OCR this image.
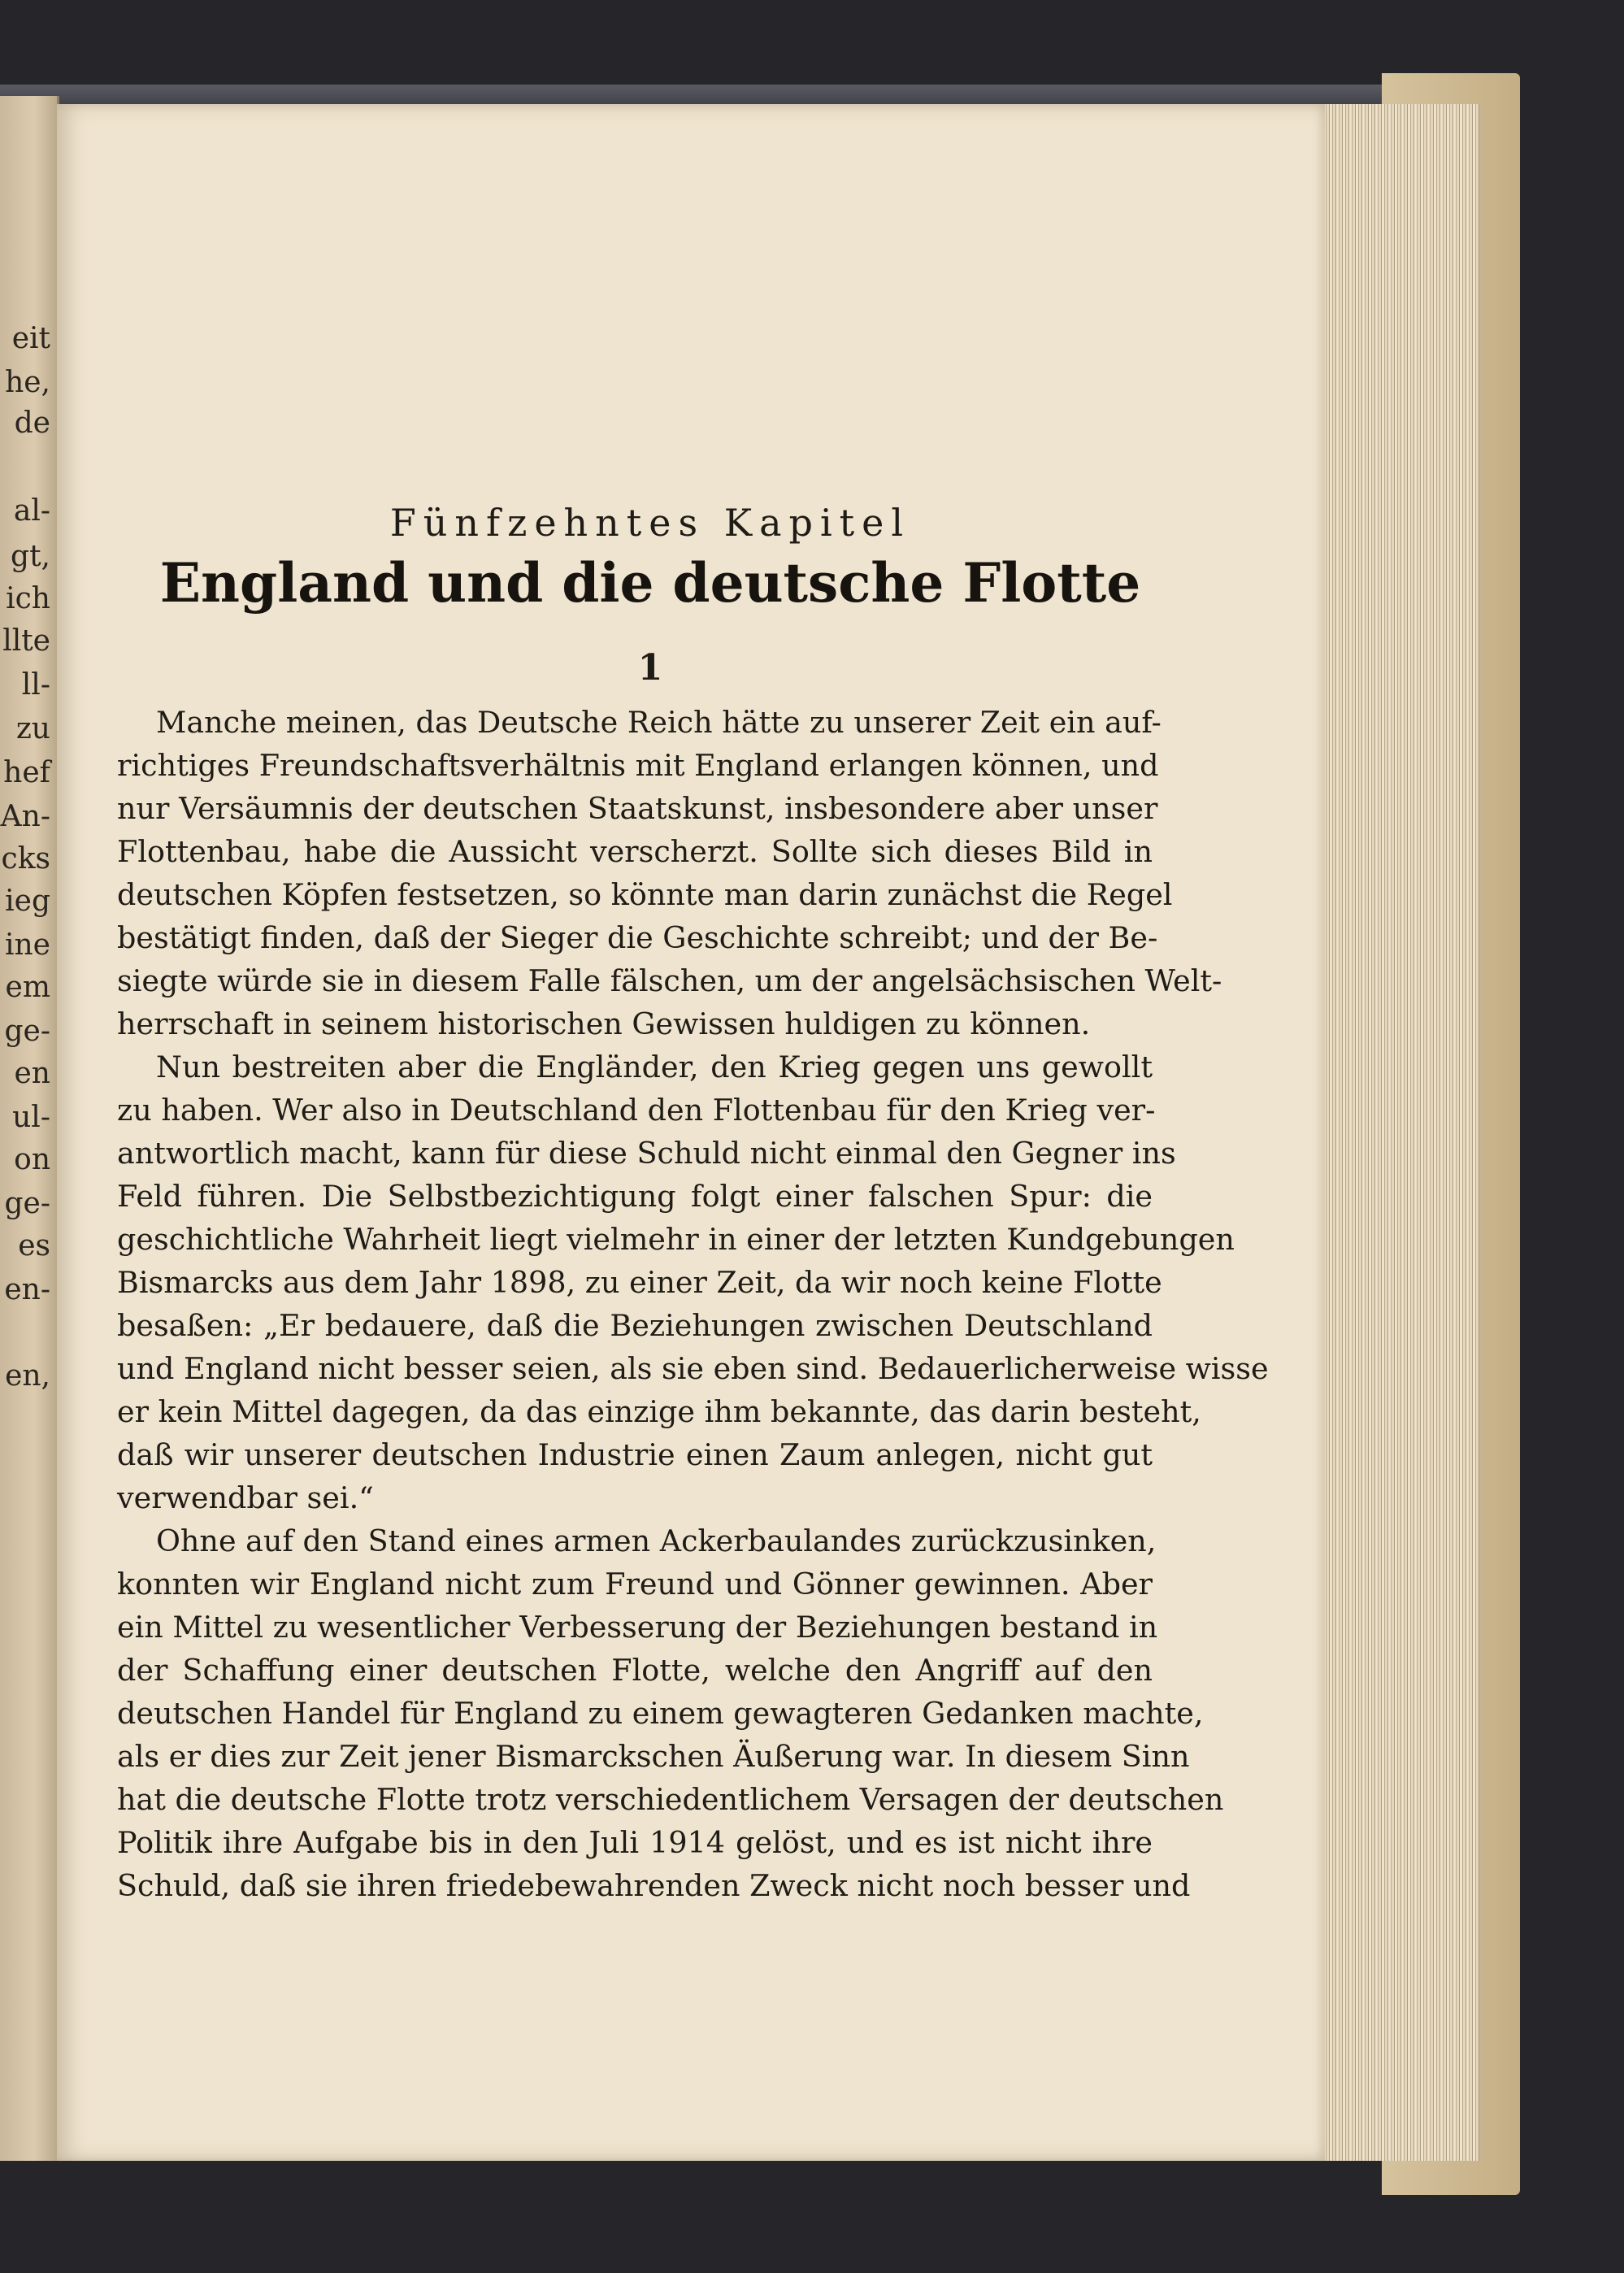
eit
he,
de
al-
gt,
ich
llte
ll-
zu
hef
An-
cks
ieg
ine
em
ge-
en
ul-
on
ge-
es
en-
en,
Fünfzehntes Kapitel
England und die deutsche Flotte
1
Manche meinen, das Deutsche Reich hätte zu unserer Zeit ein auf-
richtiges Freundschaftsverhältnis mit England erlangen können, und
nur Versäumnis der deutschen Staatskunst, insbesondere aber unser
Flottenbau, habe die Aussicht verscherzt. Sollte sich dieses Bild in
deutschen Köpfen festsetzen, so könnte man darin zunächst die Regel
bestätigt finden, daß der Sieger die Geschichte schreibt; und der Be-
siegte würde sie in diesem Falle fälschen, um der angelsächsischen Welt-
herrschaft in seinem historischen Gewissen huldigen zu können.
Nun bestreiten aber die Engländer, den Krieg gegen uns gewollt
zu haben. Wer also in Deutschland den Flottenbau für den Krieg ver-
antwortlich macht, kann für diese Schuld nicht einmal den Gegner ins
Feld führen. Die Selbstbezichtigung folgt einer falschen Spur: die
geschichtliche Wahrheit liegt vielmehr in einer der letzten Kundgebungen
Bismarcks aus dem Jahr 1898, zu einer Zeit, da wir noch keine Flotte
besaßen: „Er bedauere, daß die Beziehungen zwischen Deutschland
und England nicht besser seien, als sie eben sind. Bedauerlicherweise wisse
er kein Mittel dagegen, da das einzige ihm bekannte, das darin besteht,
daß wir unserer deutschen Industrie einen Zaum anlegen, nicht gut
verwendbar sei.“
Ohne auf den Stand eines armen Ackerbaulandes zurückzusinken,
konnten wir England nicht zum Freund und Gönner gewinnen. Aber
ein Mittel zu wesentlicher Verbesserung der Beziehungen bestand in
der Schaffung einer deutschen Flotte, welche den Angriff auf den
deutschen Handel für England zu einem gewagteren Gedanken machte,
als er dies zur Zeit jener Bismarckschen Äußerung war. In diesem Sinn
hat die deutsche Flotte trotz verschiedentlichem Versagen der deutschen
Politik ihre Aufgabe bis in den Juli 1914 gelöst, und es ist nicht ihre
Schuld, daß sie ihren friedebewahrenden Zweck nicht noch besser und
